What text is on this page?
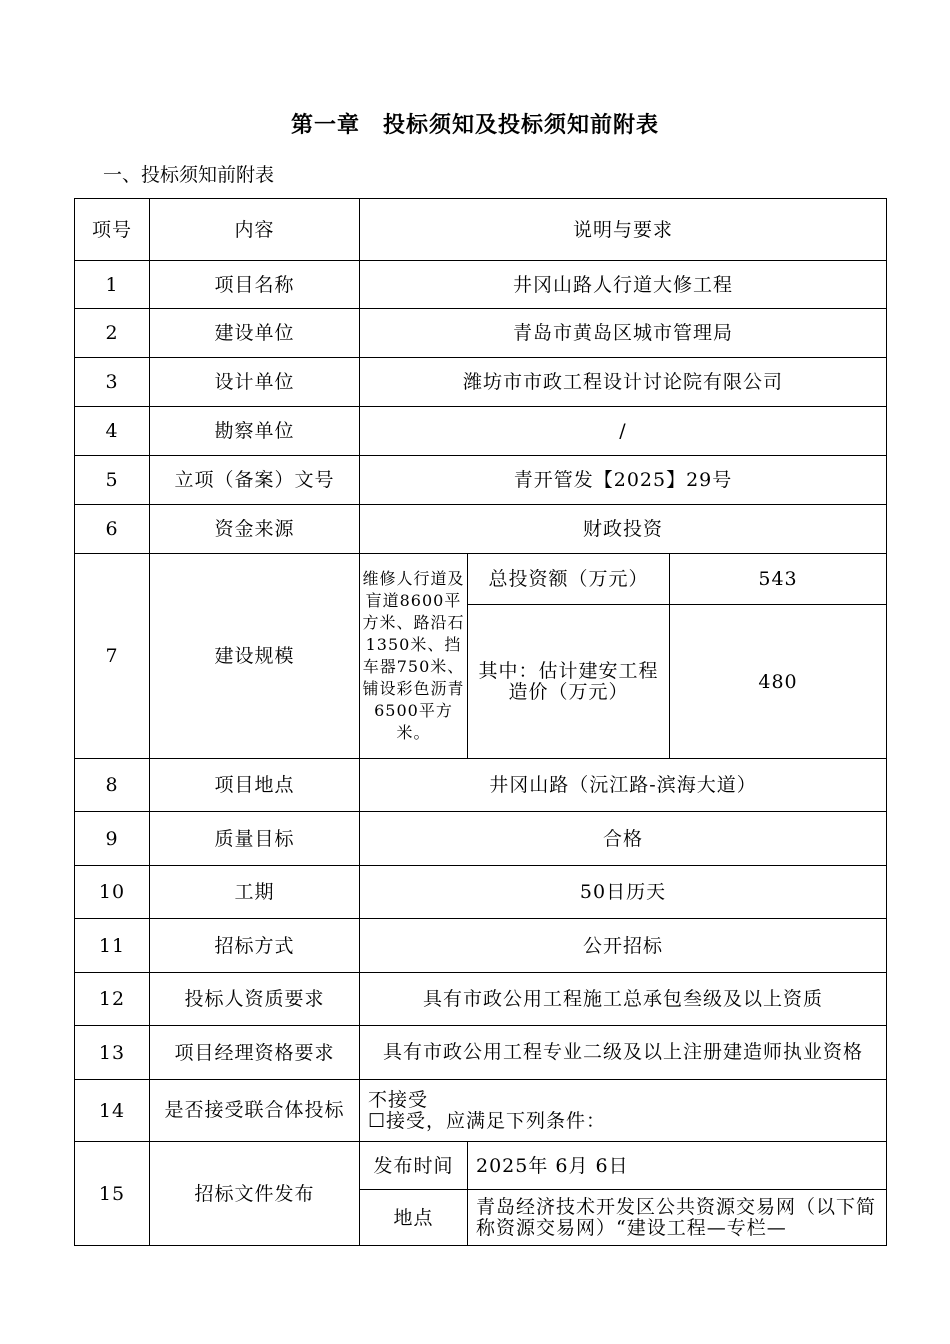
第一章　投标须知及投标须知前附表
一、投标须知前附表
项号	内容	说明与要求		
1	项目名称	井冈山路人行道大修工程		
2	建设单位	青岛市黄岛区城市管理局		
3	设计单位	潍坊市市政工程设计讨论院有限公司		
4	勘察单位	/		
5	立项（备案）文号	青开管发【2025】29号		
6	资金来源	财政投资		
7	建设规模	维修人行道及盲道8600平方米、路沿石1350米、挡车器750米、铺设彩色沥青6500平方米。	总投资额（万元）	543
			其中：估计建安工程造价（万元）	480
8	项目地点	井冈山路（沅江路-滨海大道）		
9	质量目标	合格		
10	工期	50日历天		
11	招标方式	公开招标		
12	投标人资质要求	具有市政公用工程施工总承包叁级及以上资质		
13	项目经理资格要求	具有市政公用工程专业二级及以上注册建造师执业资格		
14	是否接受联合体投标	不接受
☐接受，应满足下列条件：		

15	招标文件发布	发布时间	2025年 6月 6日	
		地点	青岛经济技术开发区公共资源交易网（以下简称资源交易网）“建设工程—专栏—	
